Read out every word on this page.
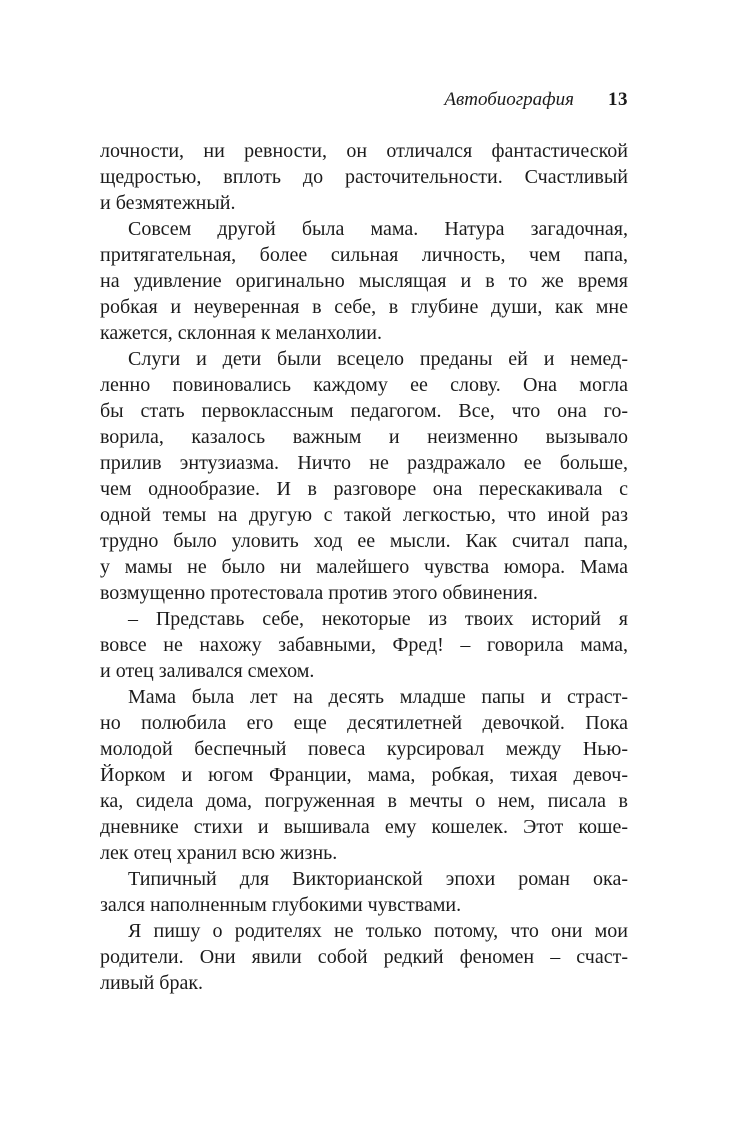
Автобиография 13

лочности, ни ревности, он отличался фантастической
щедростью, вплоть до расточительности. Счастливый
и безмятежный.

Совсем другой была мама. Натура загадочная,
притягательная, более сильная личность, чем папа,
на удивление оригинально мыслящая и в то же время
робкая и неуверенная в себе, в глубине души, как мне
кажется, склонная к меланхолии.

Слуги и дети были всецело преданы ей и немед-
ленно повиновались каждому ее слову. Она могла
бы стать первоклассным педагогом. Все, что она го-
ворила, казалось важным и неизменно вызывало
прилив энтузиазма. Ничто не раздражало ее больше,
чем однообразие. И в разговоре она перескакивала с
одной темы на другую с такой легкостью, что иной раз
трудно было уловить ход ее мысли. Как считал папа,
у мамы не было ни малейшего чувства юмора. Мама
возмущенно протестовала против этого обвинения.

– Представь себе, некоторые из твоих историй я
вовсе не нахожу забавными, Фред! – говорила мама,
и отец заливался смехом.

Мама была лет на десять младше папы и страст-
но полюбила его еще десятилетней девочкой. Пока
молодой беспечный повеса курсировал между Нью-
Йорком и югом Франции, мама, робкая, тихая девоч-
ка, сидела дома, погруженная в мечты о нем, писала в
дневнике стихи и вышивала ему кошелек. Этот коше-
лек отец хранил всю жизнь.

Типичный для Викторианской эпохи роман ока-
зался наполненным глубокими чувствами.

Я пишу о родителях не только потому, что они мои
родители. Они явили собой редкий феномен – счаст-
ливый брак.
